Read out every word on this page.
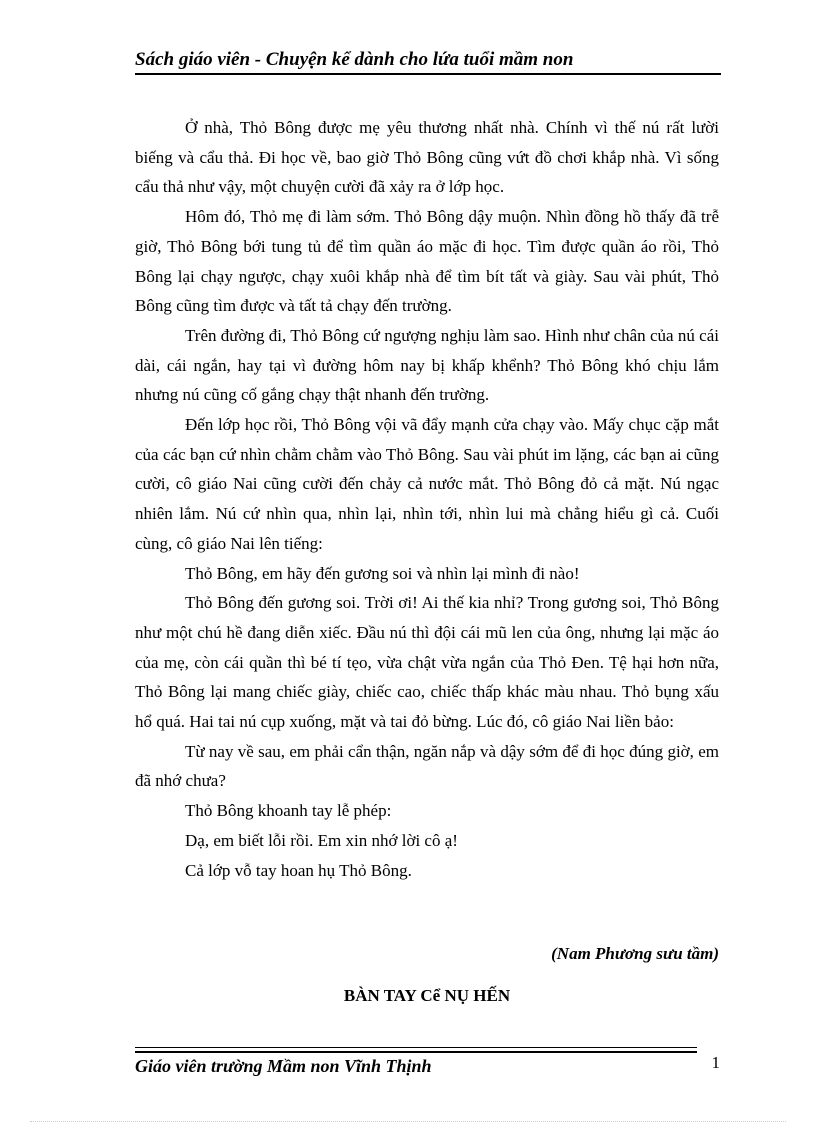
Sách giáo viên - Chuyện kể dành cho lứa tuổi mầm non

Ở nhà, Thỏ Bông được mẹ yêu thương nhất nhà. Chính vì thế nú rất lười biếng và cẩu thả. Đi học về, bao giờ Thỏ Bông cũng vứt đồ chơi khắp nhà. Vì sống cẩu thả như vậy, một chuyện cười đã xảy ra ở lớp học.

Hôm đó, Thỏ mẹ đi làm sớm. Thỏ Bông dậy muộn. Nhìn đồng hồ thấy đã trễ giờ, Thỏ Bông bới tung tủ để tìm quần áo mặc đi học. Tìm được quần áo rồi, Thỏ Bông lại chạy ngược, chạy xuôi khắp nhà để tìm bít tất và giày. Sau vài phút, Thỏ Bông cũng tìm được và tất tả chạy đến trường.

Trên đường đi, Thỏ Bông cứ ngượng nghịu làm sao. Hình như chân của nú cái dài, cái ngắn, hay tại vì đường hôm nay bị khấp khểnh? Thỏ Bông khó chịu lắm nhưng nú cũng cố gắng chạy thật nhanh đến trường.

Đến lớp học rồi, Thỏ Bông vội vã đẩy mạnh cửa chạy vào. Mấy chục cặp mắt của các bạn cứ nhìn chằm chằm vào Thỏ Bông. Sau vài phút im lặng, các bạn ai cũng cười, cô giáo Nai cũng cười đến chảy cả nước mắt. Thỏ Bông đỏ cả mặt. Nú ngạc nhiên lắm. Nú cứ nhìn qua, nhìn lại, nhìn tới, nhìn lui mà chẳng hiểu gì cả. Cuối cùng, cô giáo Nai lên tiếng:

Thỏ Bông, em hãy đến gương soi và nhìn lại mình đi nào!

Thỏ Bông đến gương soi. Trời ơi! Ai thế kia nhỉ? Trong gương soi, Thỏ Bông như một chú hề đang diễn xiếc. Đầu nú thì đội cái mũ len của ông, nhưng lại mặc áo của mẹ, còn cái quần thì bé tí tẹo, vừa chật vừa ngắn của Thỏ Đen. Tệ hại hơn nữa, Thỏ Bông lại mang chiếc giày, chiếc cao, chiếc thấp khác màu nhau. Thỏ bụng xấu hổ quá. Hai tai nú cụp xuống, mặt và tai đỏ bừng. Lúc đó, cô giáo Nai liền bảo:

Từ nay về sau, em phải cẩn thận, ngăn nắp và dậy sớm để đi học đúng giờ, em đã nhớ chưa?

Thỏ Bông khoanh tay lễ phép:

Dạ, em biết lỗi rồi. Em xin nhớ lời cô ạ!

Cả lớp vỗ tay hoan hụ Thỏ Bông.

(Nam Phương sưu tầm)
BÀN TAY Cể NỤ HẾN
Giáo viên trường Mầm non Vĩnh Thịnh	1
